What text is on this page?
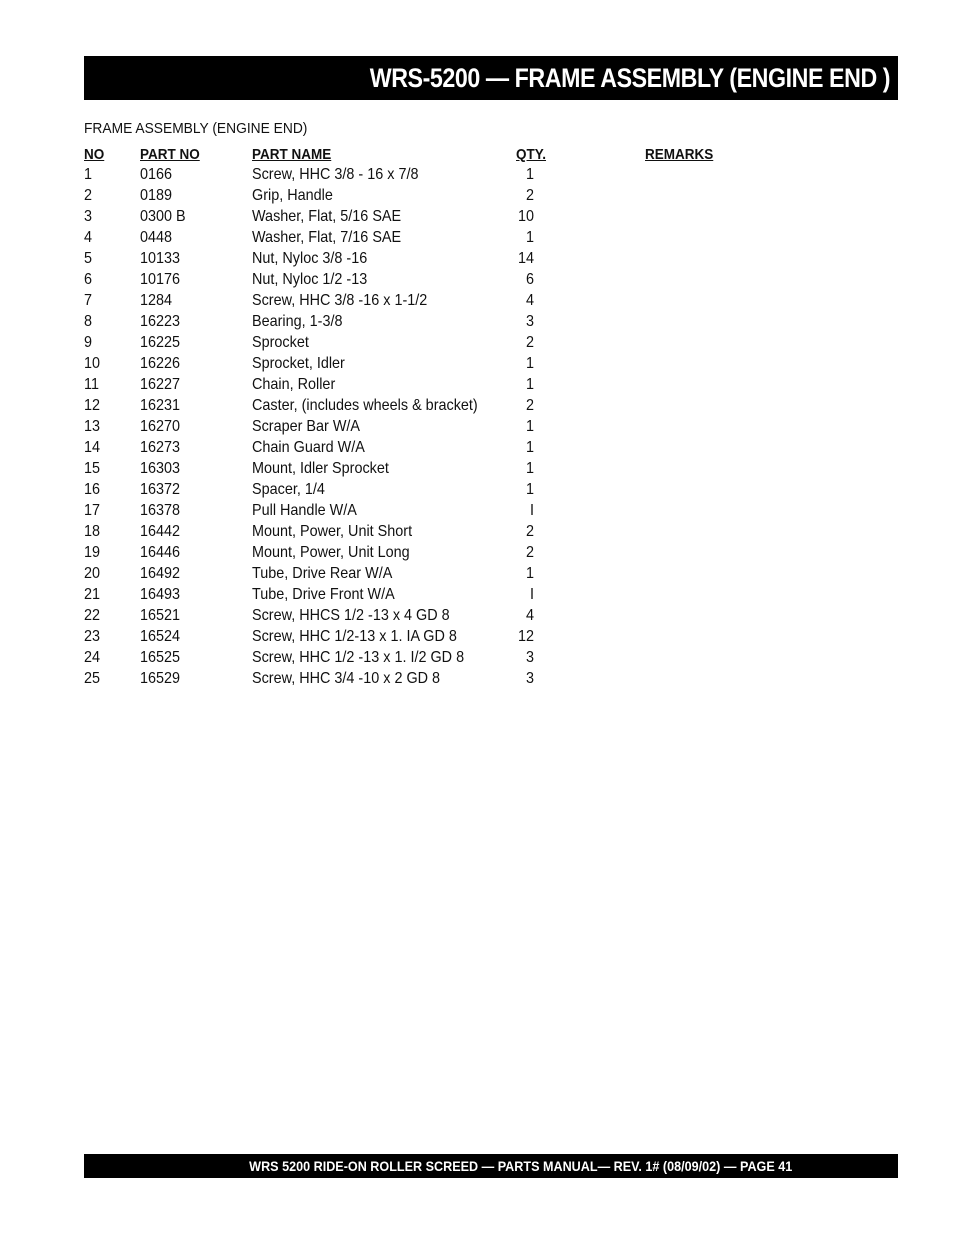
WRS-5200 — FRAME ASSEMBLY (ENGINE END )
FRAME ASSEMBLY (ENGINE END)
NO PART NO	PART NAME	QTY.	REMARKS
1	0166	Screw, HHC 3/8 - 16 x 7/8	1
2	0189	Grip, Handle	2
3	0300 B	Washer, Flat, 5/16 SAE	10
4	0448	Washer, Flat, 7/16 SAE	1
5	10133	Nut, Nyloc 3/8 -16	14
6	10176	Nut, Nyloc 1/2 -13	6
7	1284	Screw, HHC 3/8 -16 x 1-1/2	4
8	16223	Bearing, 1-3/8	3
9	16225	Sprocket	2
10 16226	Sprocket, Idler	1
11	16227	Chain, Roller	1
12 16231	Caster, (includes wheels & bracket)	2
13 16270	Scraper Bar W/A	1
14 16273	Chain Guard W/A	1
15 16303	Mount, Idler Sprocket	1
16 16372	Spacer, 1/4	1
17 16378	Pull Handle W/A	I
18 16442	Mount, Power, Unit Short	2
19 16446	Mount, Power, Unit Long	2
20 16492	Tube, Drive Rear W/A	1
21 16493	Tube, Drive Front W/A	I
22 16521	Screw, HHCS 1/2 -13 x 4 GD 8	4
23 16524	Screw, HHC 1/2-13 x 1. IA GD 8	12
24 16525	Screw, HHC 1/2 -13 x 1. I/2 GD 8	3
25 16529	Screw, HHC 3/4 -10 x 2 GD 8	3
WRS 5200 RIDE-ON ROLLER SCREED — PARTS MANUAL— REV. 1# (08/09/02) — PAGE 41
